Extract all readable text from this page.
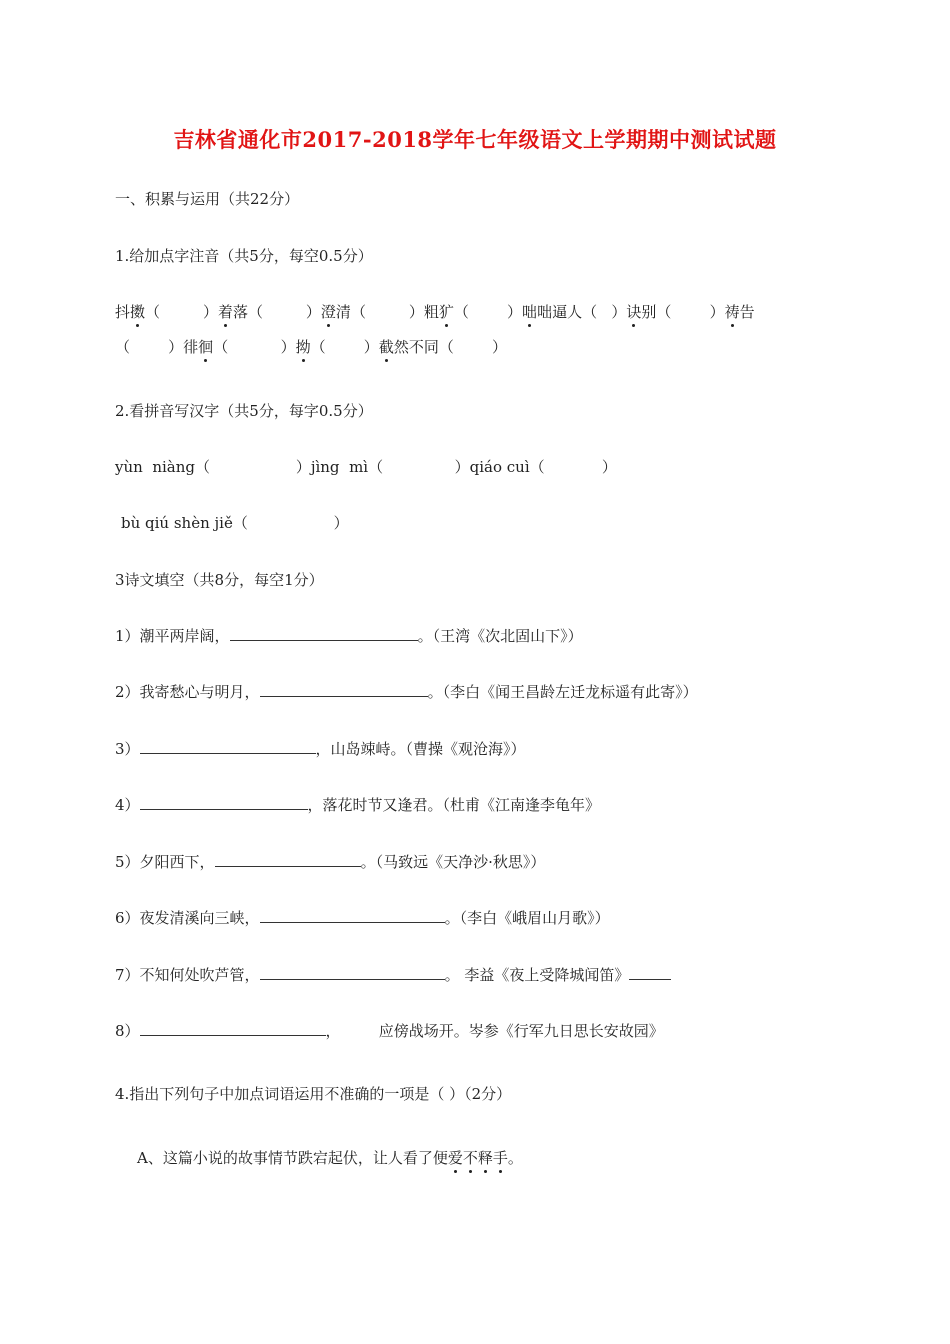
吉林省通化市2017-2018学年七年级语文上学期期中测试试题
一、积累与运用（共22分）
1.给加点字注音（共5分，每空0.5分）
抖擞（         ）着落（         ）澄清（         ）粗犷（        ）咄咄逼人（   ）诀别（        ）祷告
（        ）徘徊（           ）拗（        ）截然不同（        ）
2.看拼音写汉字（共5分，每字0.5分）
yùn  niàng（                  ）jìng  mì（               ）qiáo cuì（            ）
bù qiú shèn jiě（                  ）
3诗文填空（共8分，每空1分）
1）潮平两岸阔，	。（王湾《次北固山下》）
2）我寄愁心与明月，	。（李白《闻王昌龄左迁龙标遥有此寄》）
3）	，山岛竦峙。（曹操《观沧海》）
4）	，落花时节又逢君。（杜甫《江南逢李龟年》
5）夕阳西下，	。（马致远《天净沙·秋思》）
6）夜发清溪向三峡，	。（李白《峨眉山月歌》）
7）不知何处吹芦管，	。 李益《夜上受降城闻笛》
8）	，        应傍战场开。岑参《行军九日思长安故园》
4.指出下列句子中加点词语运用不准确的一项是（ ）（2分）
A、这篇小说的故事情节跌宕起伏，让人看了便爱不释手。
